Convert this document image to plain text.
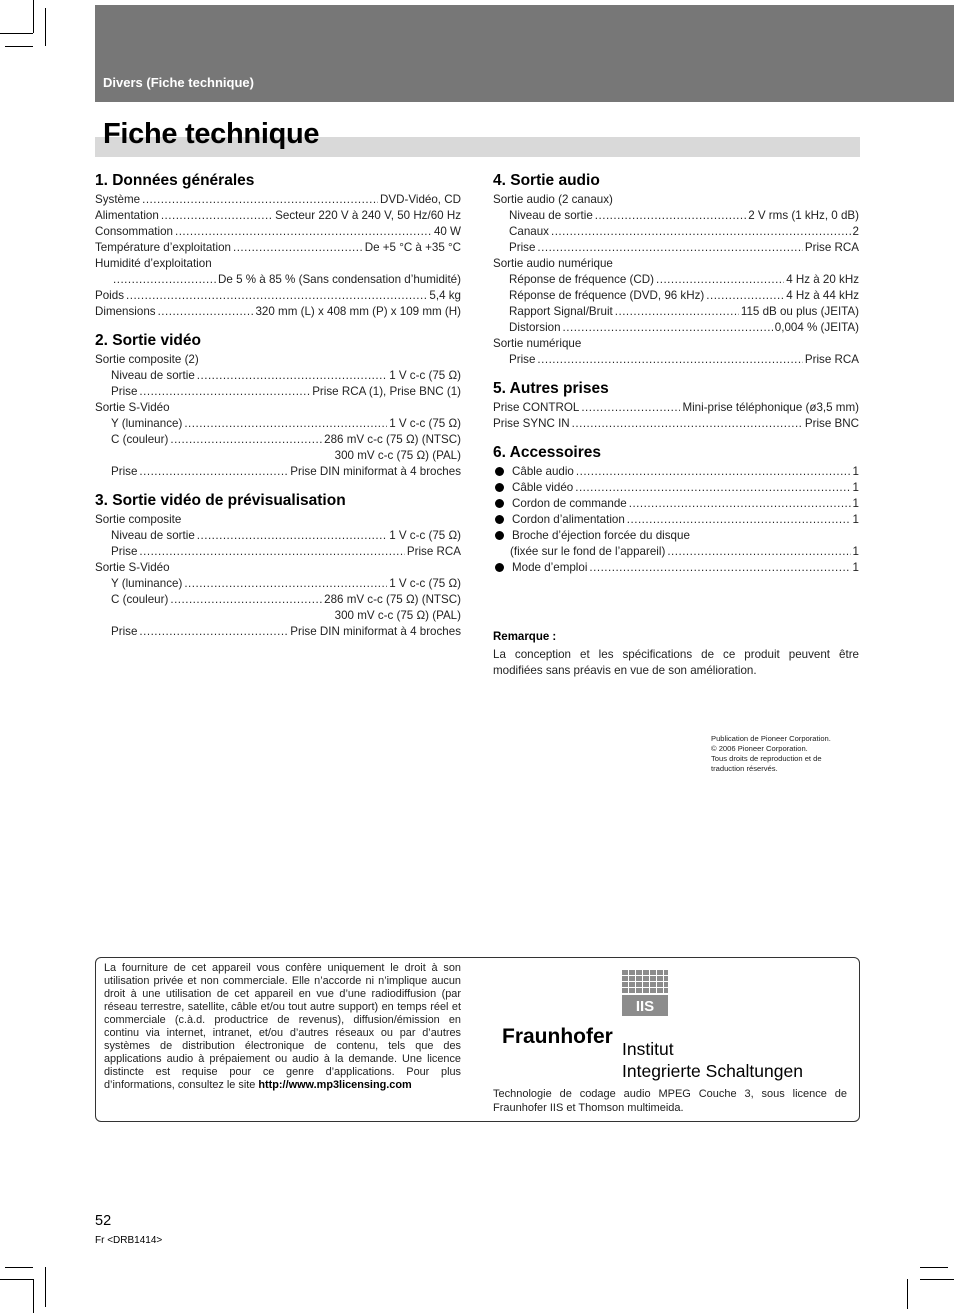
Divers (Fiche technique)
Fiche technique
1. Données générales
Système .....	DVD-Vidéo, CD
Alimentation .....	Secteur 220 V à 240 V, 50 Hz/60 Hz
Consommation .....	40 W
Température d’exploitation .....	De +5 °C à +35 °C
Humidité d’exploitation
.....
De 5 % à 85 % (Sans condensation d’humidité)
Poids .....	5,4 kg
Dimensions .....	320 mm (L) x 408 mm (P) x 109 mm (H)
2. Sortie vidéo
Sortie composite (2)
Niveau de sortie .....	1 V c-c (75 Ω)
Prise .....	Prise RCA (1), Prise BNC (1)
Sortie S-Vidéo
Y (luminance) .....	1 V c-c (75 Ω)
C (couleur) .....	286 mV c-c (75 Ω) (NTSC)
300 mV c-c (75 Ω) (PAL)
Prise .....	Prise DIN miniformat à 4 broches
3. Sortie vidéo de prévisualisation
Sortie composite
Niveau de sortie .....	1 V c-c (75 Ω)
Prise .....	Prise RCA
Sortie S-Vidéo
Y (luminance) .....	1 V c-c (75 Ω)
C (couleur) .....	286 mV c-c (75 Ω) (NTSC)
300 mV c-c (75 Ω) (PAL)
Prise .....	Prise DIN miniformat à 4 broches
4. Sortie audio
Sortie audio (2 canaux)
Niveau de sortie .....	2 V rms (1 kHz, 0 dB)
Canaux .....	2
Prise .....	Prise RCA
Sortie audio numérique
Réponse de fréquence (CD) .....	4 Hz à 20 kHz
Réponse de fréquence (DVD, 96 kHz) .....	4 Hz à 44 kHz
Rapport Signal/Bruit .....	115 dB ou plus (JEITA)
Distorsion .....	0,004 % (JEITA)
Sortie numérique
Prise .....	Prise RCA
5. Autres prises
Prise CONTROL .....	Mini-prise téléphonique (ø3,5 mm)
Prise SYNC IN .....	Prise BNC
6. Accessoires
Câble audio .....	1
Câble vidéo .....	1
Cordon de commande .....	1
Cordon d’alimentation .....	1
Broche d’éjection forcée du disque
(fixée sur le fond de l’appareil) .....	1
Mode d’emploi .....	1
Remarque :
La conception et les spécifications de ce produit peuvent être modifiées sans préavis en vue de son amélioration.
Publication de Pioneer Corporation.
© 2006 Pioneer Corporation.
Tous droits de reproduction et de
traduction réservés.
La fourniture de cet appareil vous confère uniquement le droit à son utilisation privée et non commerciale. Elle n’accorde ni n’implique aucun droit à une utilisation de cet appareil en vue d’une radiodiffusion (par réseau terrestre, satellite, câble et/ou tout autre support) en temps réel et commerciale (c.à.d. productrice de revenus), diffusion/émission en continu via internet, intranet, et/ou d’autres réseaux ou par d’autres systèmes de distribution électronique de contenu, tels que des applications audio à prépaiement ou audio à la demande. Une licence distincte est requise pour ce genre d’applications. Pour plus d’informations, consultez le site http://www.mp3licensing.com
IIS
Fraunhofer
Institut
Integrierte Schaltungen
Technologie de codage audio MPEG Couche 3, sous licence de Fraunhofer IIS et Thomson multimeida.
52
Fr <DRB1414>
